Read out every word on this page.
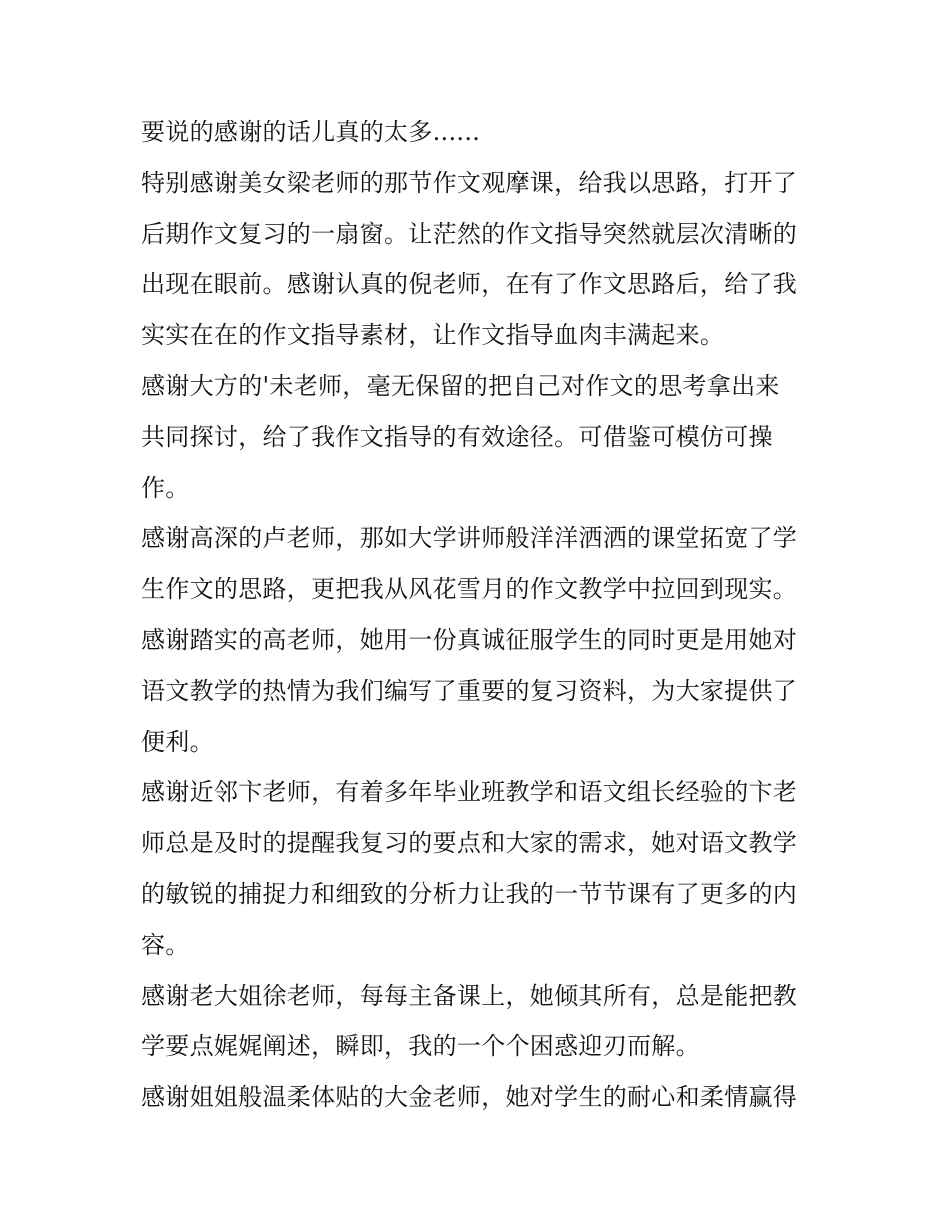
要说的感谢的话儿真的太多......
特别感谢美女梁老师的那节作文观摩课，给我以思路，打开了
后期作文复习的一扇窗。让茫然的作文指导突然就层次清晰的
出现在眼前。感谢认真的倪老师，在有了作文思路后，给了我
实实在在的作文指导素材，让作文指导血肉丰满起来。
感谢大方的'未老师，毫无保留的把自己对作文的思考拿出来
共同探讨，给了我作文指导的有效途径。可借鉴可模仿可操
作。
感谢高深的卢老师，那如大学讲师般洋洋洒洒的课堂拓宽了学
生作文的思路，更把我从风花雪月的作文教学中拉回到现实。
感谢踏实的高老师，她用一份真诚征服学生的同时更是用她对
语文教学的热情为我们编写了重要的复习资料，为大家提供了
便利。
感谢近邻卞老师，有着多年毕业班教学和语文组长经验的卞老
师总是及时的提醒我复习的要点和大家的需求，她对语文教学
的敏锐的捕捉力和细致的分析力让我的一节节课有了更多的内
容。
感谢老大姐徐老师，每每主备课上，她倾其所有，总是能把教
学要点娓娓阐述，瞬即，我的一个个困惑迎刃而解。
感谢姐姐般温柔体贴的大金老师，她对学生的耐心和柔情赢得
